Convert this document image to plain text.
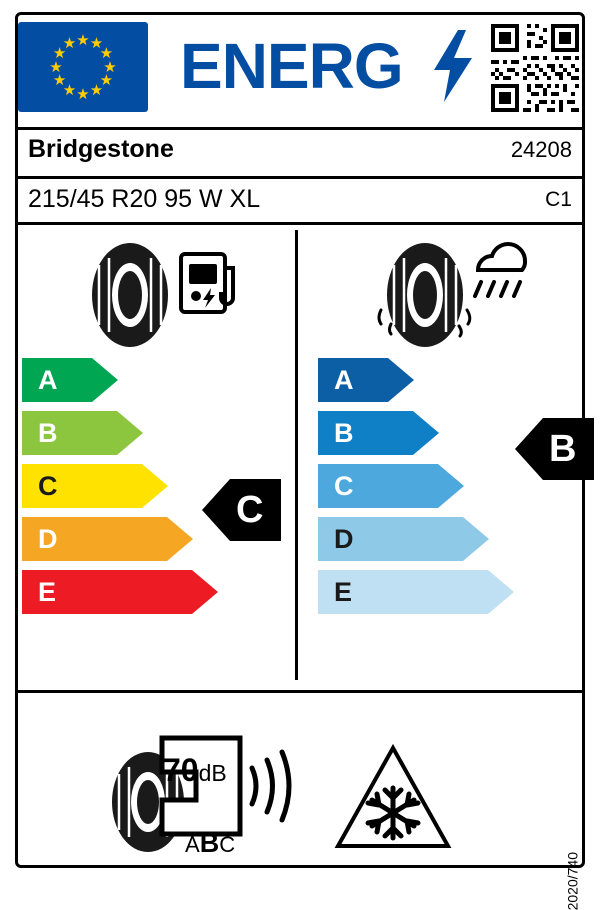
★ ★
★
★
★
★
★
★
★
★
★
★ ENERG
Bridgestone	24208
215/45 R20 95 W XL	C1
A
B
C
D
E
C
A
B
C
D
E
B
70dB
ABC
2020/740
